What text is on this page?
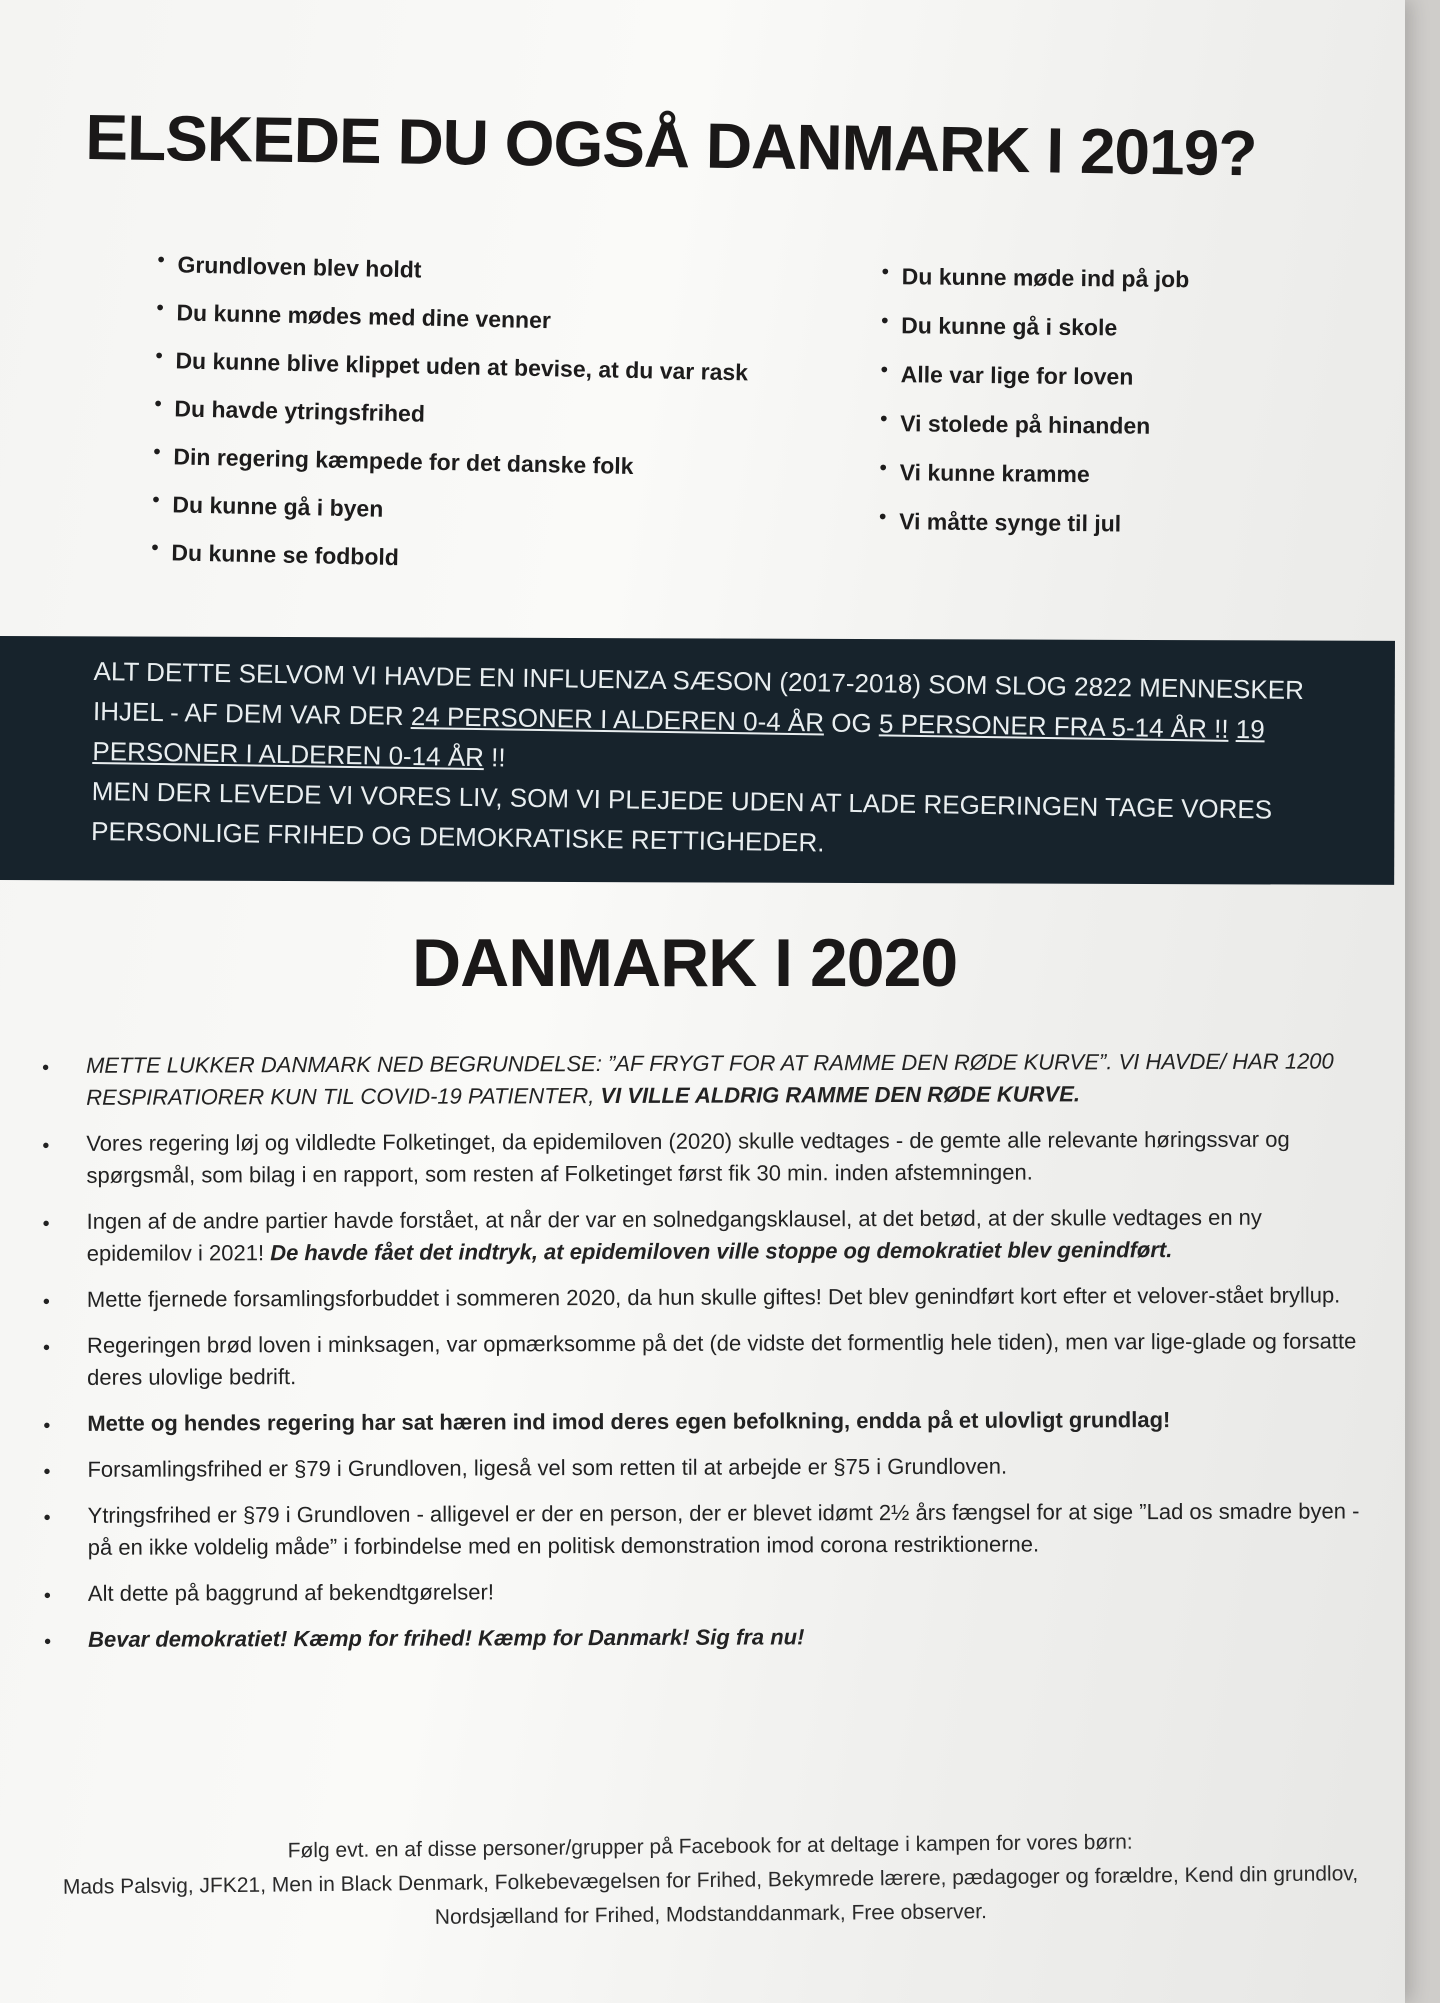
ELSKEDE DU OGSÅ DANMARK I 2019?
• Grundloven blev holdt
• Du kunne mødes med dine venner
• Du kunne blive klippet uden at bevise, at du var rask
• Du havde ytringsfrihed
• Din regering kæmpede for det danske folk
• Du kunne gå i byen
• Du kunne se fodbold
• Du kunne møde ind på job
• Du kunne gå i skole
• Alle var lige for loven
• Vi stolede på hinanden
• Vi kunne kramme
• Vi måtte synge til jul
ALT DETTE SELVOM VI HAVDE EN INFLUENZA SÆSON (2017-2018) SOM SLOG 2822 MENNESKER IHJEL - AF DEM VAR DER 24 PERSONER I ALDEREN 0-4 ÅR OG 5 PERSONER FRA 5-14 ÅR !! 19 PERSONER I ALDEREN 0-14 ÅR !!
MEN DER LEVEDE VI VORES LIV, SOM VI PLEJEDE UDEN AT LADE REGERINGEN TAGE VORES PERSONLIGE FRIHED OG DEMOKRATISKE RETTIGHEDER.
DANMARK I 2020
• METTE LUKKER DANMARK NED BEGRUNDELSE: ”AF FRYGT FOR AT RAMME DEN RØDE KURVE”. VI HAVDE/ HAR 1200 RESPIRATIORER KUN TIL COVID-19 PATIENTER, VI VILLE ALDRIG RAMME DEN RØDE KURVE.
• Vores regering løj og vildledte Folketinget, da epidemiloven (2020) skulle vedtages - de gemte alle relevante høringssvar og spørgsmål, som bilag i en rapport, som resten af Folketinget først fik 30 min. inden afstemningen.
• Ingen af de andre partier havde forstået, at når der var en solnedgangsklausel, at det betød, at der skulle vedtages en ny epidemilov i 2021! De havde fået det indtryk, at epidemiloven ville stoppe og demokratiet blev genindført.
• Mette fjernede forsamlingsforbuddet i sommeren 2020, da hun skulle giftes! Det blev genindført kort efter et velover-stået bryllup.
• Regeringen brød loven i minksagen, var opmærksomme på det (de vidste det formentlig hele tiden), men var lige-glade og forsatte deres ulovlige bedrift.
• Mette og hendes regering har sat hæren ind imod deres egen befolkning, endda på et ulovligt grundlag!
• Forsamlingsfrihed er §79 i Grundloven, ligeså vel som retten til at arbejde er §75 i Grundloven.
• Ytringsfrihed er §79 i Grundloven - alligevel er der en person, der er blevet idømt 2½ års fængsel for at sige ”Lad os smadre byen - på en ikke voldelig måde” i forbindelse med en politisk demonstration imod corona restriktionerne.
• Alt dette på baggrund af bekendtgørelser!
• Bevar demokratiet! Kæmp for frihed! Kæmp for Danmark! Sig fra nu!
Følg evt. en af disse personer/grupper på Facebook for at deltage i kampen for vores børn:
Mads Palsvig, JFK21, Men in Black Denmark, Folkebevægelsen for Frihed, Bekymrede lærere, pædagoger og forældre, Kend din grundlov, Nordsjælland for Frihed, Modstanddanmark, Free observer.
